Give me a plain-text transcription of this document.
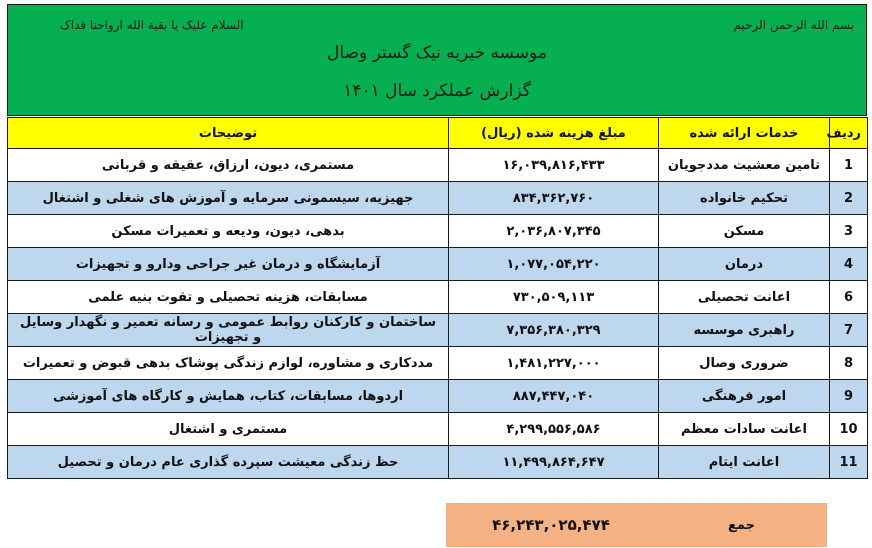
السلام علیک یا بقیة الله ارواحنا فداک	بسم الله الرحمن الرحیم
موسسه خیریه نیک گستر وصال
گزارش عملکرد سال ۱۴۰۱
ردیف	خدمات ارائه شده	مبلغ هزینه شده (ریال)	توضیحات
1	تامین معشیت مددجویان	۱۶,۰۳۹,۸۱۶,۴۳۳	مستمری، دیون، ارزاق، عقیقه و قربانی
2	تحکیم خانواده	۸۳۴,۳۶۲,۷۶۰	جهیزیه، سیسمونی سرمایه و آموزش های شغلی و اشتغال
3	مسکن	۲,۰۳۶,۸۰۷,۳۴۵	بدهی، دیون، ودیعه و تعمیرات مسکن
4	درمان	۱,۰۷۷,۰۵۴,۲۲۰	آزمایشگاه و درمان غیر جراحی ودارو و تجهیزات
6	اعانت تحصیلی	۷۳۰,۵۰۹,۱۱۳	مسابقات، هزینه تحصیلی و تقوت بنیه علمی
7	راهبری موسسه	۷,۳۵۶,۳۸۰,۳۲۹	ساختمان و کارکنان روابط عمومی و رسانه تعمیر و نگهدار وسایل و تجهیزات
8	ضروری وصال	۱,۴۸۱,۲۲۷,۰۰۰	مددکاری و مشاوره، لوازم زندگی پوشاک بدهی قبوض و تعمیرات
9	امور فرهنگی	۸۸۷,۴۴۷,۰۴۰	اردوها، مسابقات، کتاب، همایش و کارگاه های آموزشی
10	اعانت سادات معظم	۴,۲۹۹,۵۵۶,۵۸۶	مستمری و اشتغال
11	اعانت ایتام	۱۱,۴۹۹,۸۶۴,۶۴۷	حظ زندگی معیشت سپرده گذاری عام درمان و تحصیل
جمع
۴۶,۲۴۳,۰۲۵,۴۷۴
